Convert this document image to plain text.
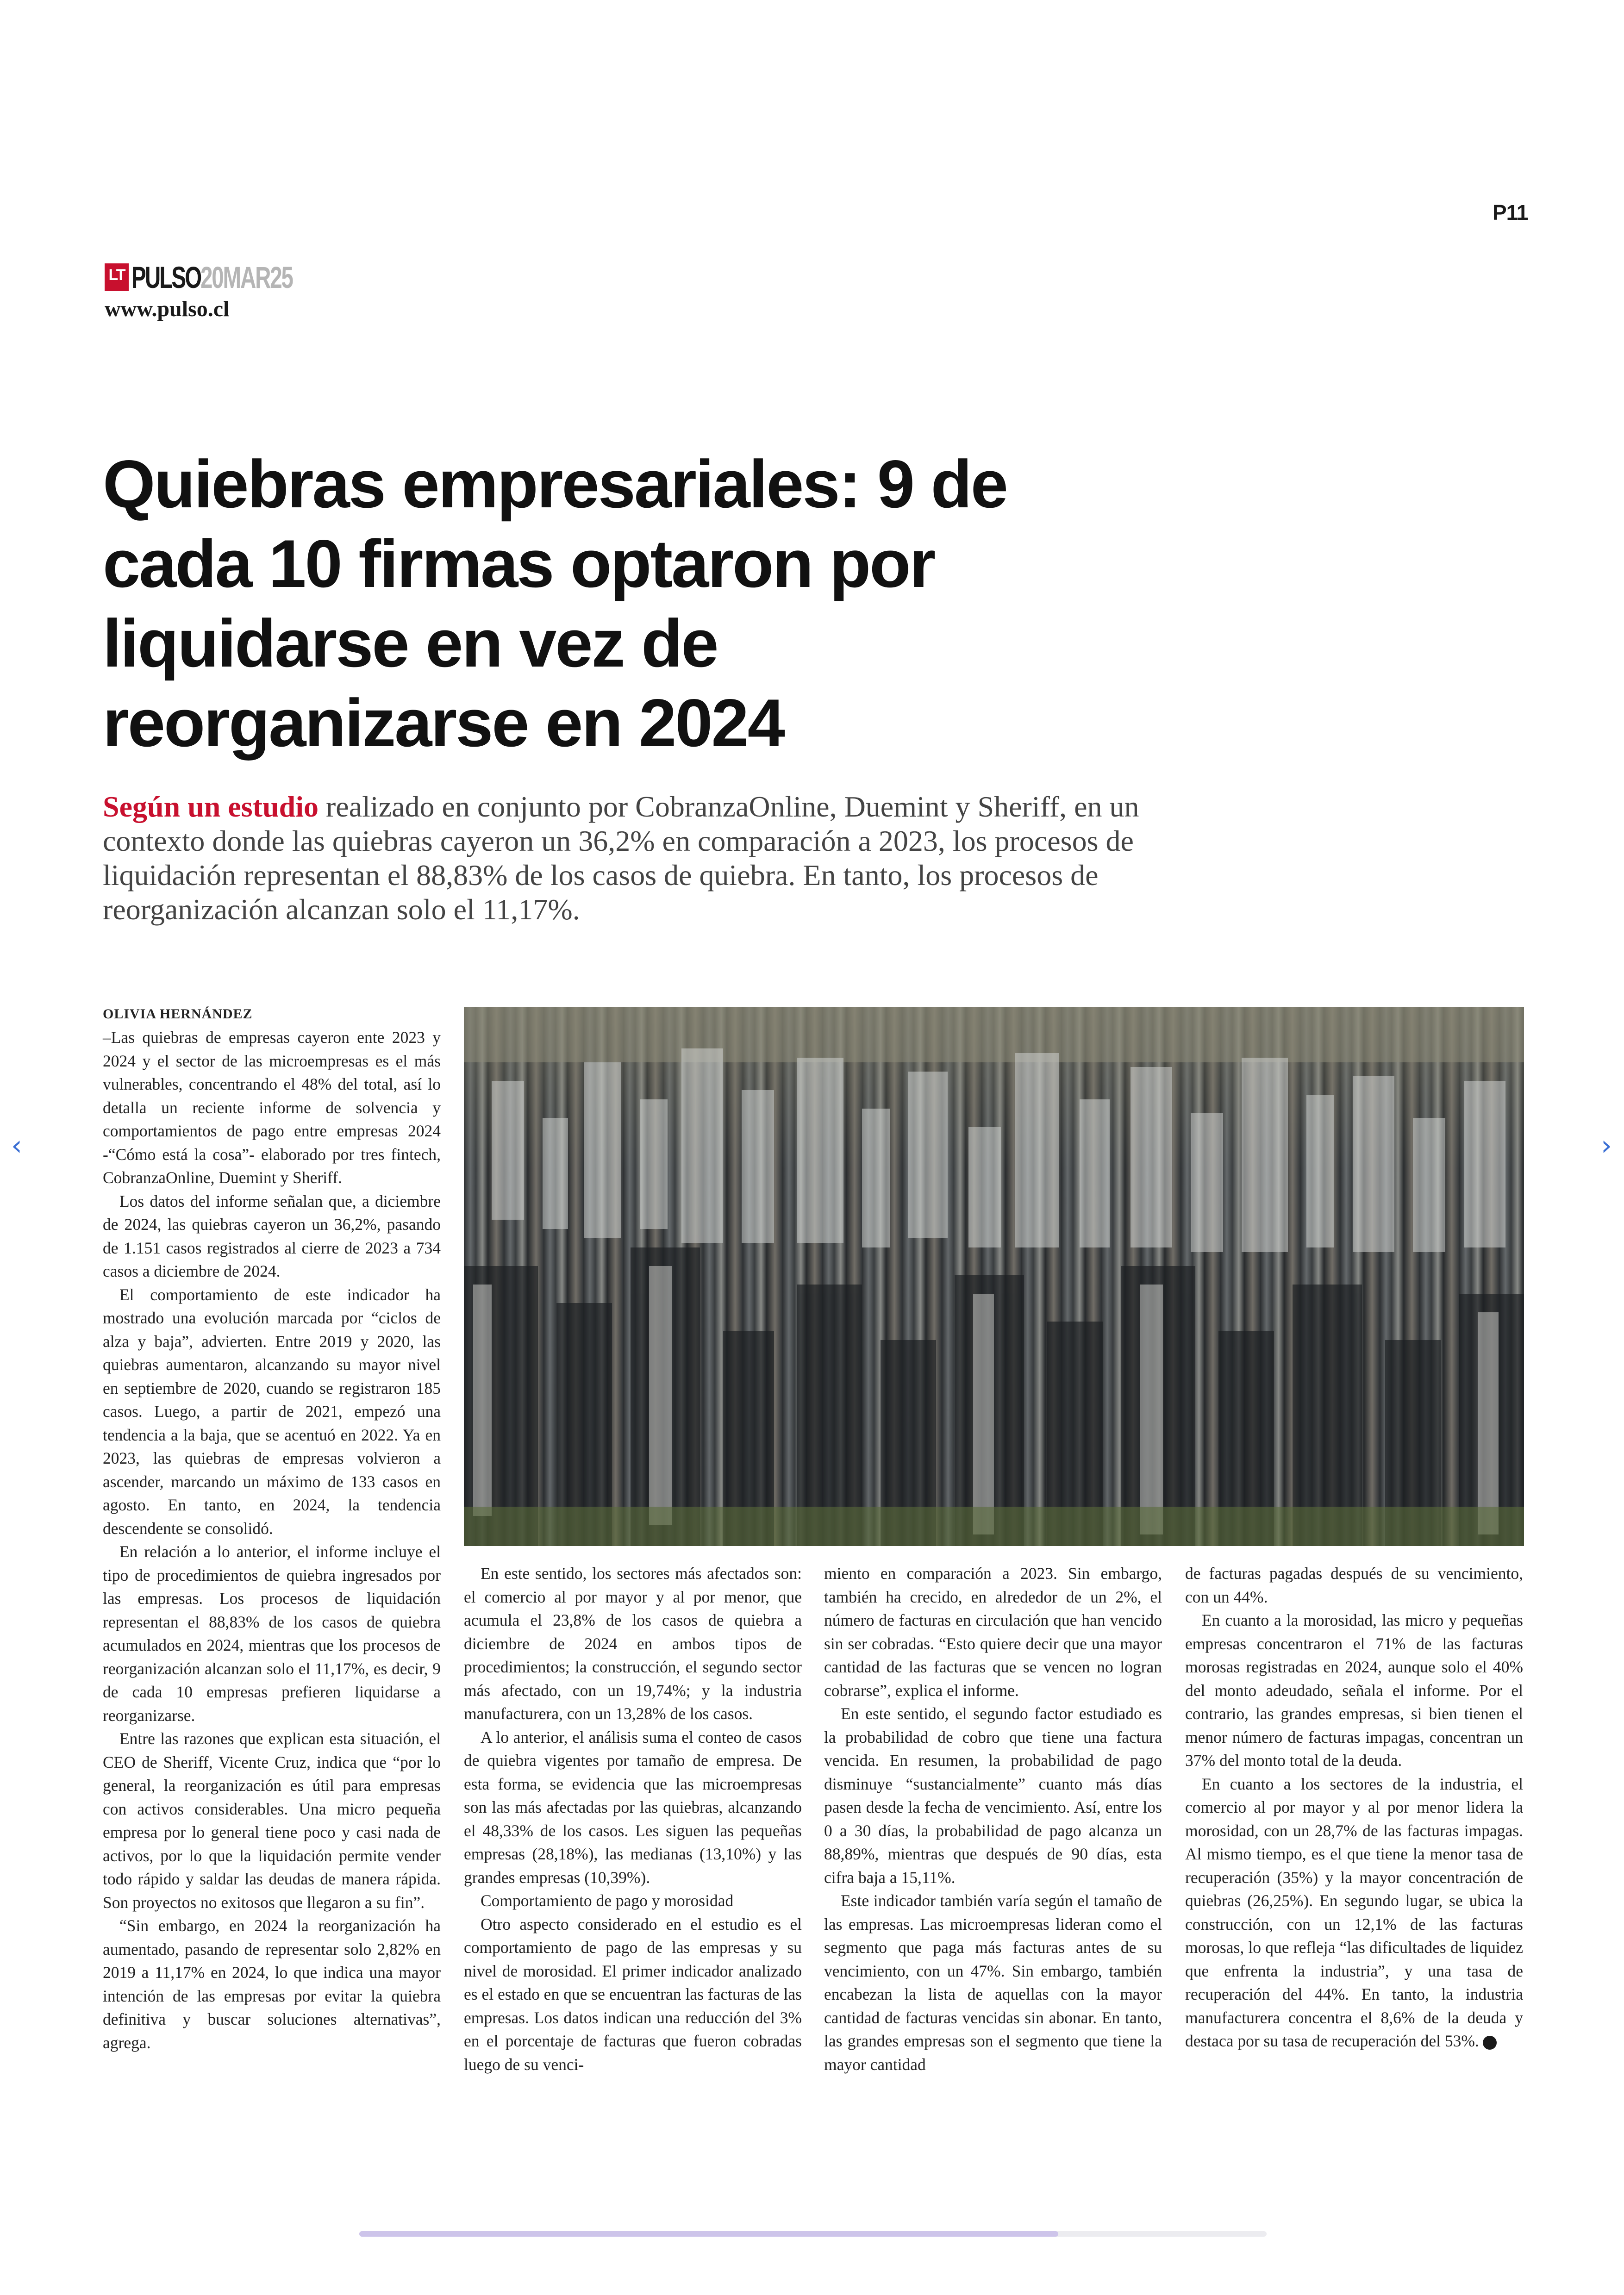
P11
LT PULSO 20MAR25
www.pulso.cl
Quiebras empresariales: 9 de cada 10 firmas optaron por liquidarse en vez de reorganizarse en 2024
Según un estudio realizado en conjunto por CobranzaOnline, Duemint y Sheriff, en un contexto donde las quiebras cayeron un 36,2% en comparación a 2023, los procesos de liquidación representan el 88,83% de los casos de quiebra. En tanto, los procesos de reorganización alcanzan solo el 11,17%.
‹	›

OLIVIA HERNÁNDEZ

–Las quiebras de empresas cayeron ente 2023 y 2024 y el sector de las microempresas es el más vulnerables, concentrando el 48% del total, así lo detalla un reciente informe de solvencia y comportamientos de pago entre empresas 2024 -“Cómo está la cosa”- elaborado por tres fintech, CobranzaOnline, Duemint y Sheriff.

Los datos del informe señalan que, a diciembre de 2024, las quiebras cayeron un 36,2%, pasando de 1.151 casos registrados al cierre de 2023 a 734 casos a diciembre de 2024.

El comportamiento de este indicador ha mostrado una evolución marcada por “ciclos de alza y baja”, advierten. Entre 2019 y 2020, las quiebras aumentaron, alcanzando su mayor nivel en septiembre de 2020, cuando se registraron 185 casos. Luego, a partir de 2021, empezó una tendencia a la baja, que se acentuó en 2022. Ya en 2023, las quiebras de empresas volvieron a ascender, marcando un máximo de 133 casos en agosto. En tanto, en 2024, la tendencia descendente se consolidó.

En relación a lo anterior, el informe incluye el tipo de procedimientos de quiebra ingresados por las empresas. Los procesos de liquidación representan el 88,83% de los casos de quiebra acumulados en 2024, mientras que los procesos de reorganización alcanzan solo el 11,17%, es decir, 9 de cada 10 empresas prefieren liquidarse a reorganizarse.

Entre las razones que explican esta situación, el CEO de Sheriff, Vicente Cruz, indica que “por lo general, la reorganización es útil para empresas con activos considerables. Una micro pequeña empresa por lo general tiene poco y casi nada de activos, por lo que la liquidación permite vender todo rápido y saldar las deudas de manera rápida. Son proyectos no exitosos que llegaron a su fin”.

“Sin embargo, en 2024 la reorganización ha aumentado, pasando de representar solo 2,82% en 2019 a 11,17% en 2024, lo que indica una mayor intención de las empresas por evitar la quiebra definitiva y buscar soluciones alternativas”, agrega.

En este sentido, los sectores más afectados son: el comercio al por mayor y al por menor, que acumula el 23,8% de los casos de quiebra a diciembre de 2024 en ambos tipos de procedimientos; la construcción, el segundo sector más afectado, con un 19,74%; y la industria manufacturera, con un 13,28% de los casos.

A lo anterior, el análisis suma el conteo de casos de quiebra vigentes por tamaño de empresa. De esta forma, se evidencia que las microempresas son las más afectadas por las quiebras, alcanzando el 48,33% de los casos. Les siguen las pequeñas empresas (28,18%), las medianas (13,10%) y las grandes empresas (10,39%).

Comportamiento de pago y morosidad

Otro aspecto considerado en el estudio es el comportamiento de pago de las empresas y su nivel de morosidad. El primer indicador analizado es el estado en que se encuentran las facturas de las empresas. Los datos indican una reducción del 3% en el porcentaje de facturas que fueron cobradas luego de su venci-

miento en comparación a 2023. Sin embargo, también ha crecido, en alrededor de un 2%, el número de facturas en circulación que han vencido sin ser cobradas. “Esto quiere decir que una mayor cantidad de las facturas que se vencen no logran cobrarse”, explica el informe.

En este sentido, el segundo factor estudiado es la probabilidad de cobro que tiene una factura vencida. En resumen, la probabilidad de pago disminuye “sustancialmente” cuanto más días pasen desde la fecha de vencimiento. Así, entre los 0 a 30 días, la probabilidad de pago alcanza un 88,89%, mientras que después de 90 días, esta cifra baja a 15,11%.

Este indicador también varía según el tamaño de las empresas. Las microempresas lideran como el segmento que paga más facturas antes de su vencimiento, con un 47%. Sin embargo, también encabezan la lista de aquellas con la mayor cantidad de facturas vencidas sin abonar. En tanto, las grandes empresas son el segmento que tiene la mayor cantidad

de facturas pagadas después de su vencimiento, con un 44%.

En cuanto a la morosidad, las micro y pequeñas empresas concentraron el 71% de las facturas morosas registradas en 2024, aunque solo el 40% del monto adeudado, señala el informe. Por el contrario, las grandes empresas, si bien tienen el menor número de facturas impagas, concentran un 37% del monto total de la deuda.

En cuanto a los sectores de la industria, el comercio al por mayor y al por menor lidera la morosidad, con un 28,7% de las facturas impagas. Al mismo tiempo, es el que tiene la menor tasa de recuperación (35%) y la mayor concentración de quiebras (26,25%). En segundo lugar, se ubica la construcción, con un 12,1% de las facturas morosas, lo que refleja “las dificultades de liquidez que enfrenta la industria”, y una tasa de recuperación del 44%. En tanto, la industria manufacturera concentra el 8,6% de la deuda y destaca por su tasa de recuperación del 53%. P
